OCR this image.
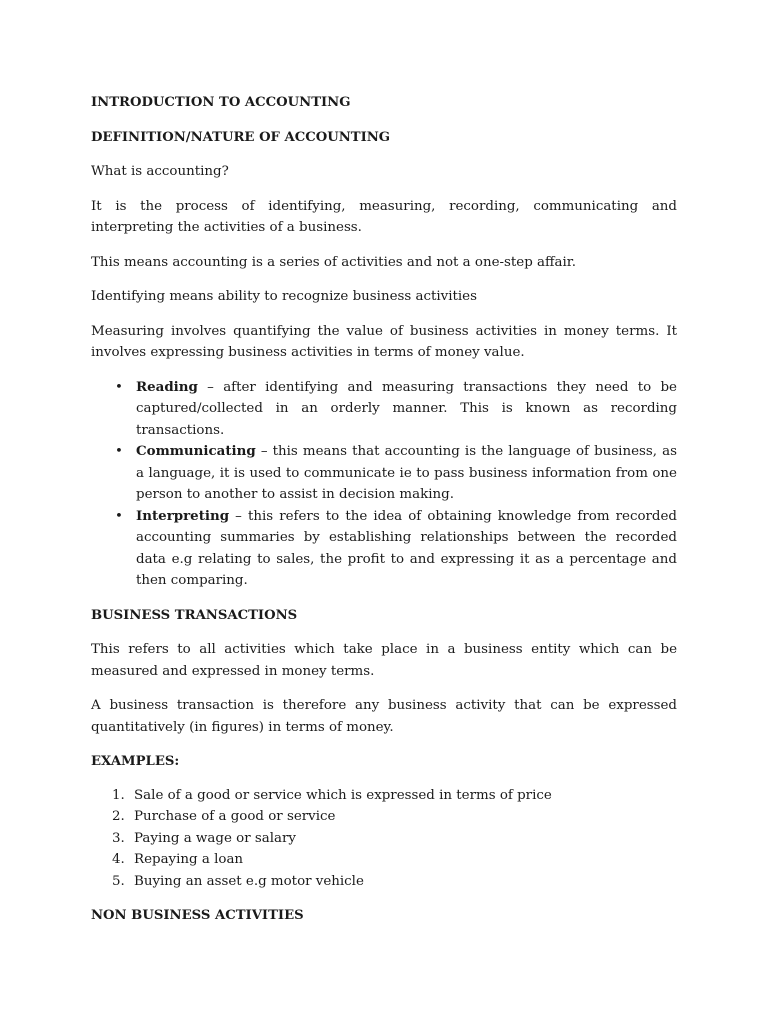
INTRODUCTION TO ACCOUNTING
DEFINITION/NATURE OF ACCOUNTING

What is accounting?

It is the process of identifying, measuring, recording, communicating and interpreting the activities of a business.

This means accounting is a series of activities and not a one-step affair.

Identifying means ability to recognize business activities

Measuring involves quantifying the value of business activities in money terms. It involves expressing business activities in terms of money value.

• Reading – after identifying and measuring transactions they need to be captured/collected in an orderly manner. This is known as recording transactions.
• Communicating – this means that accounting is the language of business, as a language, it is used to communicate ie to pass business information from one person to another to assist in decision making.
• Interpreting – this refers to the idea of obtaining knowledge from recorded accounting summaries by establishing relationships between the recorded data e.g relating to sales, the profit to and expressing it as a percentage and then comparing.
BUSINESS TRANSACTIONS

This refers to all activities which take place in a business entity which can be measured and expressed in money terms.

A business transaction is therefore any business activity that can be expressed quantitatively (in figures) in terms of money.

EXAMPLES:
1. Sale of a good or service which is expressed in terms of price
2. Purchase of a good or service
3. Paying a wage or salary
4. Repaying a loan
5. Buying an asset e.g motor vehicle
NON BUSINESS ACTIVITIES
